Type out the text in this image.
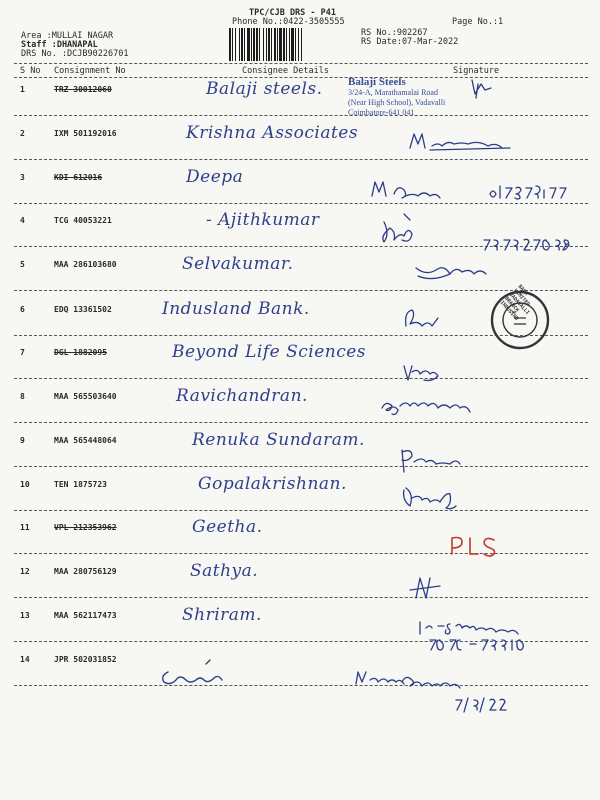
Area :MULLAI NAGAR
Staff :DHANAPAL
DRS No. :DCJB90226701
TPC/CJB DRS - P41
Phone No.:0422-3505555	Page No.:1
RS No.:902267
RS Date:07-Mar-2022
S No Consignment No	Consignee Details	Signature
1	TRZ 30012060	Balaji steels.
2	IXM 501192016	Krishna Associates
3	KDI 612016	Deepa
4	TCG 40053221	- Ajithkumar
5	MAA 286103680	Selvakumar.
6	EDQ 13361502	Indusland Bank.
7	DGL 1882095	Beyond Life Sciences
8	MAA 565503640	Ravichandran.
9	MAA 565448064	Renuka Sundaram.
10	TEN 1875723	Gopalakrishnan.
11	VPL 212353962	Geetha.
12	MAA 280756129	Sathya.
13	MAA 562117473	Shriram.
14	JPR 502031852
Balaji Steels
3/24-A, Marathamalai Road
(Near High School), Vadavalli
Coimbatore-641 041
BANK LIMITED VADAVALLI BRANCH INDUSIND
